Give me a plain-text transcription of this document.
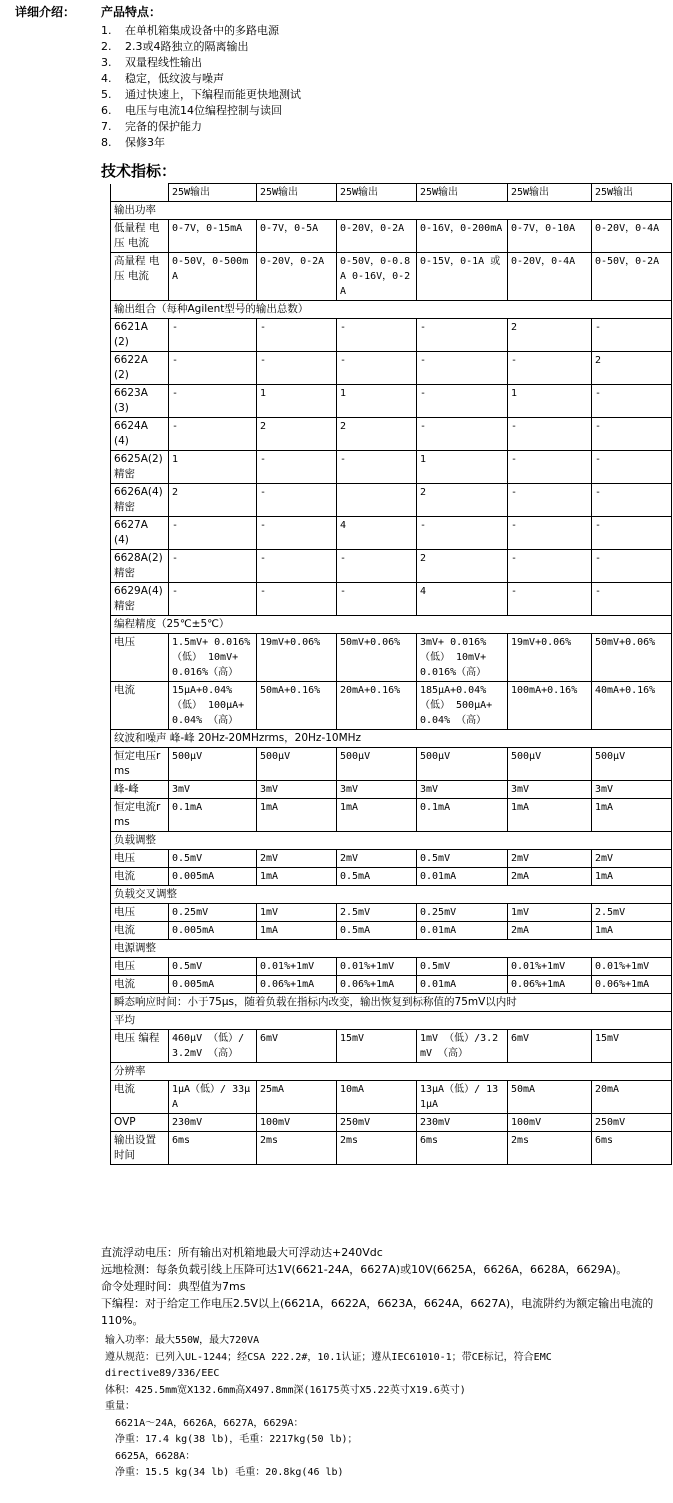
详细介绍： 产品特点：
1. 在单机箱集成设备中的多路电源
2. 2.3或4路独立的隔离输出
3. 双量程线性输出
4. 稳定，低纹波与噪声
5. 通过快速上，下编程而能更快地测试
6. 电压与电流14位编程控制与读回
7. 完备的保护能力
8. 保修3年
技术指标：
	25W输出	25W输出	25W输出	25W输出	25W输出	25W输出
输出功率						
低量程 电压 电流	0-7V，0-15mA	0-7V，0-5A	0-20V，0-2A	0-16V，0-200mA	0-7V，0-10A	0-20V，0-4A
高量程 电压 电流	0-50V，0-500mA	0-20V，0-2A	0-50V，0-0.8A 0-16V，0-2A	0-15V，0-1A 或	0-20V，0-4A	0-50V，0-2A
输出组合（每种Agilent型号的输出总数）						
6621A (2)	-	-	-	-	2	-
6622A (2)	-	-	-	-	-	2
6623A (3)	-	1	1	-	1	-
6624A (4)	-	2	2	-	-	-
6625A(2) 精密	1	-	-	1	-	-
6626A(4) 精密	2	-		2	-	-
6627A (4)	-	-	4	-	-	-
6628A(2) 精密	-	-	-	2	-	-
6629A(4) 精密	-	-	-	4	-	-
编程精度（25℃±5℃）						
电压	1.5mV+ 0.016%（低） 10mV+ 0.016%（高）	19mV+0.06%	50mV+0.06%	3mV+ 0.016%（低） 10mV+ 0.016%（高）	19mV+0.06%	50mV+0.06%
电流	15μA+0.04% （低） 100μA+0.04% （高）	50mA+0.16%	20mA+0.16%	185μA+0.04% （低） 500μA+0.04% （高）	100mA+0.16%	40mA+0.16%
纹波和噪声 峰-峰 20Hz-20MHzrms，20Hz-10MHz						
恒定电压rms	500μV	500μV	500μV	500μV	500μV	500μV
峰-峰	3mV	3mV	3mV	3mV	3mV	3mV
恒定电流rms	0.1mA	1mA	1mA	0.1mA	1mA	1mA
负载调整						
电压	0.5mV	2mV	2mV	0.5mV	2mV	2mV
电流	0.005mA	1mA	0.5mA	0.01mA	2mA	1mA
负载交叉调整						
电压	0.25mV	1mV	2.5mV	0.25mV	1mV	2.5mV
电流	0.005mA	1mA	0.5mA	0.01mA	2mA	1mA
电源调整						
电压	0.5mV	0.01%+1mV	0.01%+1mV	0.5mV	0.01%+1mV	0.01%+1mV
电流	0.005mA	0.06%+1mA	0.06%+1mA	0.01mA	0.06%+1mA	0.06%+1mA
瞬态响应时间：小于75μs，随着负载在指标内改变，输出恢复到标称值的75mV以内时						
平均						
电压 编程	460μV （低）/3.2mV （高）	6mV	15mV	1mV （低）/3.2mV （高）	6mV	15mV
分辨率						
电流	1μA（低）/ 33μA	25mA	10mA	13μA（低）/ 131μA	50mA	20mA
OVP	230mV	100mV	250mV	230mV	100mV	250mV
输出设置时间	6ms	2ms	2ms	6ms	2ms	6ms
直流浮动电压：所有输出对机箱地最大可浮动达+240Vdc
远地检测：每条负载引线上压降可达1V(6621-24A，6627A)或10V(6625A，6626A，6628A，6629A)。
命令处理时间：典型值为7ms
下编程：对于给定工作电压2.5V以上(6621A，6622A，6623A，6624A，6627A)，电流阱约为额定输出电流的110%。
输入功率：最大550W，最大720VA
遵从规范：已列入UL-1244；经CSA 222.2#，10.1认证；遵从IEC61010-1；带CE标记，符合EMC directive89/336/EEC
体积：425.5mm宽X132.6mm高X497.8mm深(16175英寸X5.22英寸X19.6英寸)
重量：
6621A～24A，6626A，6627A，6629A：
净重：17.4 kg(38 lb)，毛重：2217kg(50 lb)；
6625A，6628A：
净重：15.5 kg(34 lb) 毛重：20.8kg(46 lb)
